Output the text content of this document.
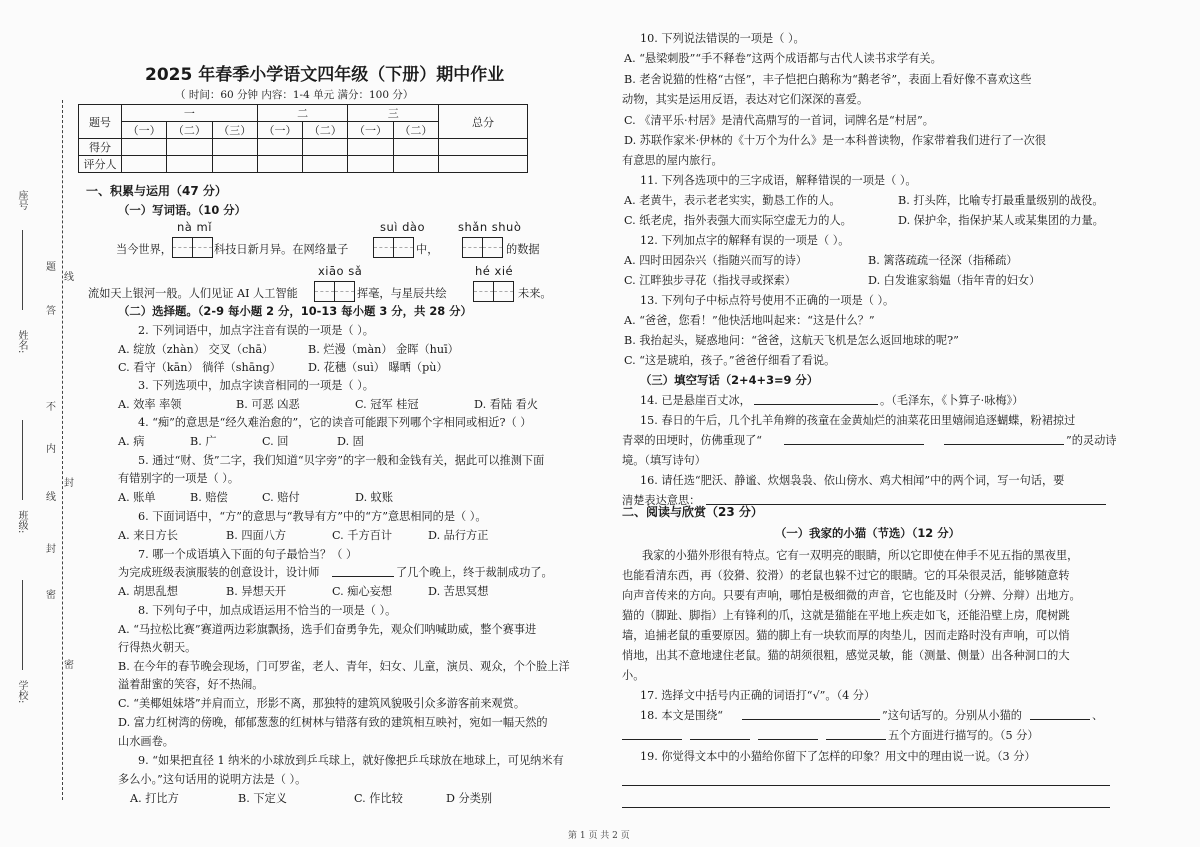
座号
姓名:
班级:
学校:
题
线
答
不
内
封
线
封
密
密
2025 年春季小学语文四年级（下册）期中作业
（ 时间：60 分钟 内容：1-4 单元 满分：100 分）
题号	一			二		三		总分
	（一）	（二）	（三）	（一）	（二）	（一）	（二）	
得分								
评分人								
一、积累与运用（47 分）
（一）写词语。（10 分）
nà mǐ	suì dào	shǎn shuò
当今世界，	科技日新月异。在网络量子	中，	的数据
xiāo sǎ	hé xié
流如天上银河一般。人们见证 AI 人工智能	挥毫，与星辰共绘	未来。
（二）选择题。（2-9 每小题 2 分，10-13 每小题 3 分，共 28 分）
2. 下列词语中，加点字注音有误的一项是（ ）。
A. 绽放（zhàn） 交叉（chā）	B. 烂漫（màn） 金晖（huī）
C. 看守（kān） 徜徉（shāng） D. 花穗（suì） 曝晒（pù）
3. 下列选项中，加点字读音相同的一项是（ ）。
A. 效率 率领	B. 可恶 凶恶	C. 冠军 桂冠	D. 看陆 看火
4. “痴”的意思是“经久难治愈的”，它的读音可能跟下列哪个字相同或相近?（ ）
A. 病	B. 广	C. 回	D. 固
5. 通过“财、货”二字，我们知道“贝字旁”的字一般和金钱有关，据此可以推测下面
有错别字的一项是（ ）。
A. 账单	B. 赔偿	C. 赔付	D. 蚊账
6. 下面词语中，“方”的意思与“教导有方”中的“方”意思相同的是（ ）。
A. 来日方长	B. 四面八方	C. 千方百计	D. 品行方正
7. 哪一个成语填入下面的句子最恰当？（ ）
为完成班级表演服装的创意设计，设计师	了几个晚上，终于裁制成功了。
A. 胡思乱想	B. 异想天开	C. 痴心妄想	D. 苦思冥想
8. 下列句子中，加点成语运用不恰当的一项是（ ）。
A. “马拉松比赛”赛道两边彩旗飘扬，选手们奋勇争先，观众们呐喊助威，整个赛事进
行得热火朝天。
B. 在今年的春节晚会现场，门可罗雀，老人、青年，妇女、儿童，演员、观众，个个脸上洋
溢着甜蜜的笑容，好不热闹。
C. “美椰姐妹塔”并肩而立，形影不离，那独特的建筑风貌吸引众多游客前来观赏。
D. 富力红树湾的傍晚，郁郁葱葱的红树林与错落有致的建筑相互映衬，宛如一幅天然的
山水画卷。
9. “如果把直径 1 纳米的小球放到乒乓球上，就好像把乒乓球放在地球上，可见纳米有
多么小。”这句话用的说明方法是（ ）。
A. 打比方	B. 下定义	C. 作比较	D 分类别
10. 下列说法错误的一项是（ ）。
A. “悬梁刺股”“手不释卷”这两个成语都与古代人读书求学有关。
B. 老舍说猫的性格“古怪”，丰子恺把白鹅称为“鹅老爷”，表面上看好像不喜欢这些
动物，其实是运用反语，表达对它们深深的喜爱。
C. 《清平乐·村居》是清代高鼎写的一首词，词牌名是“村居”。
D. 苏联作家米·伊林的《十万个为什么》是一本科普读物，作家带着我们进行了一次很
有意思的屋内旅行。
11. 下列各选项中的三字成语，解释错误的一项是（ ）。
A. 老黄牛，表示老老实实，勤恳工作的人。	B. 打头阵，比喻专打最重量级别的战役。
C. 纸老虎，指外表强大而实际空虚无力的人。	D. 保护伞，指保护某人或某集团的力量。
12. 下列加点字的解释有误的一项是（ ）。
A. 四时田园杂兴（指随兴而写的诗）	B. 篱落疏疏一径深（指稀疏）
C. 江畔独步寻花（指找寻或探索）	D. 白发谁家翁媪（指年青的妇女）
13. 下列句子中标点符号使用不正确的一项是（ ）。
A. “爸爸，您看！”他快活地叫起来：“这是什么？”
B. 我抬起头，疑惑地问：“爸爸，这航天飞机是怎么返回地球的呢?”
C. “这是琥珀，孩子。”爸爸仔细看了看说。
（三）填空写话（2+4+3=9 分）
14. 已是悬崖百丈冰，	。（毛泽东，《卜算子·咏梅》）
15. 春日的午后，几个扎羊角辫的孩童在金黄灿烂的油菜花田里嬉闹追逐蝴蝶，粉裙掠过
青翠的田埂时，仿佛重现了“	”的灵动诗
境。（填写诗句）
16. 请任选“肥沃、静谧、炊烟袅袅、依山傍水、鸡犬相闻”中的两个词，写一句话，要
清楚表达意思：
二、阅读与欣赏（23 分）
（一）我家的小猫（节选）（12 分）
我家的小猫外形很有特点。它有一双明亮的眼睛，所以它即使在伸手不见五指的黑夜里，
也能看清东西，再（狡猾、狡滑）的老鼠也躲不过它的眼睛。它的耳朵很灵活，能够随意转
向声音传来的方向。只要有声响，哪怕是极细微的声音，它也能及时（分辨、分辩）出地方。
猫的（脚趾、脚指）上有锋利的爪，这就是猫能在平地上疾走如飞，还能沿壁上房，爬树跳
墙，追捕老鼠的重要原因。猫的脚上有一块软而厚的肉垫儿，因而走路时没有声响，可以悄
悄地，出其不意地逮住老鼠。猫的胡须很粗，感觉灵敏，能（测量、侧量）出各种洞口的大
小。
17. 选择文中括号内正确的词语打“√”。（4 分）
18. 本文是围绕“	”这句话写的。分别从小猫的	、
五个方面进行描写的。（5 分）
19. 你觉得文本中的小猫给你留下了怎样的印象？用文中的理由说一说。（3 分）
第 1 页 共 2 页
